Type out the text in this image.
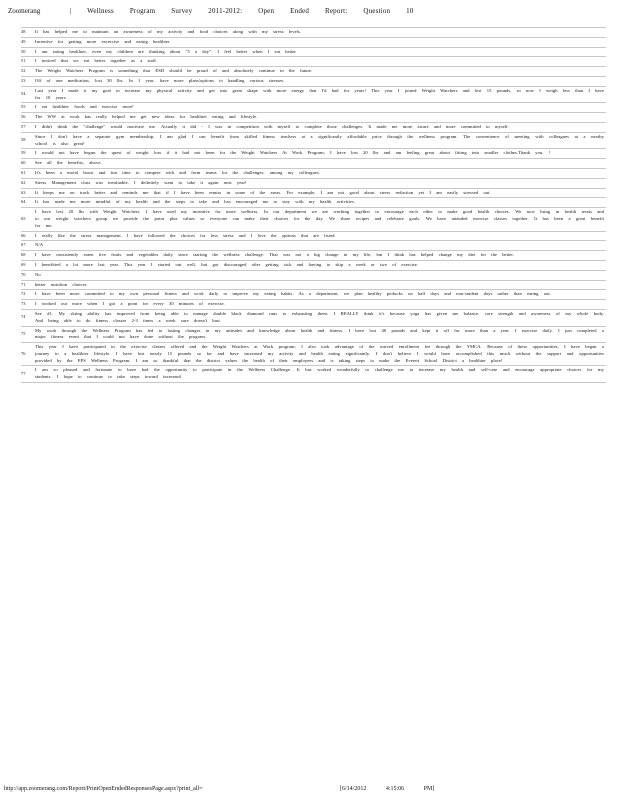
Zoomerang	| Wellness Program Survey 2011-2012: Open Ended Report: Question 10
48	It has helped me to maintain an awareness of my activity and food choices along with my stress levels.
49	Incentive for getting more excercise and eating healthier
50	I am eating healthier, even my children are thinking about "5 a day". I feel better when I eat better
51	I noticed that we eat better together as a staff.
52	The Weight Watchers Program is something that ESD should be proud of and absolutely continue in the future.
53	Off of one medication, lost 30 lbs. In 1 year, have more plans/options to handling various stresses.
54	Last year I made it my goal to increase my physical activity and get into great shape with more energy that I'd had for years! This year I joined Weight Watchers and lost 15 pounds, so now I weigh less than I have for 10 years.
55	I eat healthier foods and exercise more!
56	The WW at work has really helped me get new ideas for healthier eating and lifestyle.
57	I didn't think the "challenge" would motivate me. Actually it did - I was in competition with myself to complete those challenges. It made me more aware and more committed to myself.
58	Since I don't have a separate gym membership, I am glad I can benefit from skilled fitness teachers at a significantly affordable price through the wellness program. The convenience of meeting with colleagues at a nearby school is also great!
59	I would not have begun the quest of weight loss if it had not been for the Weight Watchers At Work Program; I have lost 20 lbs and am feeling great about fitting into smaller clothes.Thank you. !
60	See all the benefits, above.
61	It's been a moral boost and fun time to compete with and form teams for the challenges, among my colleagues.
62	Stress Management class was invaluable. I definitely want to take it again next year!
63	It keeps me on track better and reminds me that if I have been remiss in some of the areas. For example, I am not good about stress reduction yet I am easily stressed out.
64	It has made me more mindful of my health and the steps to take and has encouraged me to stay with my health activities.
65	I have lost 20 lbs with Weight Watchers. I have used my incentive for more wellness. In our department we are working together to encourage each other to make good health choices. We now bring in health treats and to our weight watchers group we provide the point plus values so everyone can make their choices for the day. We share recipes and celebrate goals. We have attended exercise classes together. It has been a great benefit for me.
66	I really like the stress management. I have followed the choices for less stress and I love the options that are listed.
67	N/A
68	I have consistently eaten five fruits and vegetables daily since starting the wellness challenge. That was not a big change in my life, but I think has helped change my diet for the better.
69	I benefitted a lot more last year. This year I started out well, but got discouraged after getting sick and having to skip a week or two of exercise.
70	No
71	better nutrition choices
72	I have been more committed to my own personal fitness and work daily to improve my eating habits. As a department, we plan healthy potlucks on half days and non-student days rather than eating out.
73	I worked out more when I got a point for every 30 minutes of exercise.
74	See #1. My skiing ability has improved from being able to manage double black diamond runs to exhausting them. I REALLY think it's because yoga has given me balance, core strength and awareness of my whole body. And being able to do fitness classes 2-3 times a week sure doesn't hurt.
75	My work through the Wellness Program has led to lasting changes in my attitudes and knowledge about health and fitness. I have lost 40 pounds and kept it off for more than a year. I exercise daily. I just completed a major fitness event that I could not have done without the program.
76	This year I have participated in the exercise classes offered and the Weight Watchers at Work program; I also took advantage of the waived enrollment fee through the YMCA. Because of these opportunities, I have began a journey to a healthier lifestyle. I have lost nearly 15 pounds so far and have increased my activity and health eating significantly. I don't believe I would have accomplished this much without the support and opportunities provided by the EPS Wellness Program. I am so thankful that the district values the health of their employees and is taking steps to make the Everett School District a healthier place!
77	I am so pleased and fortunate to have had the opportunity to participate in the Wellness Challenge. It has worked wonderfully to challenge me to increase my health and self-care and encourage appropriate choices for my students. I hope to continue to take steps toward increased
http://app.zoomerang.com/Report/PrintOpenEndedResponsesPage.aspx?print_all=	[6/14/2012 4:15:06 PM]
